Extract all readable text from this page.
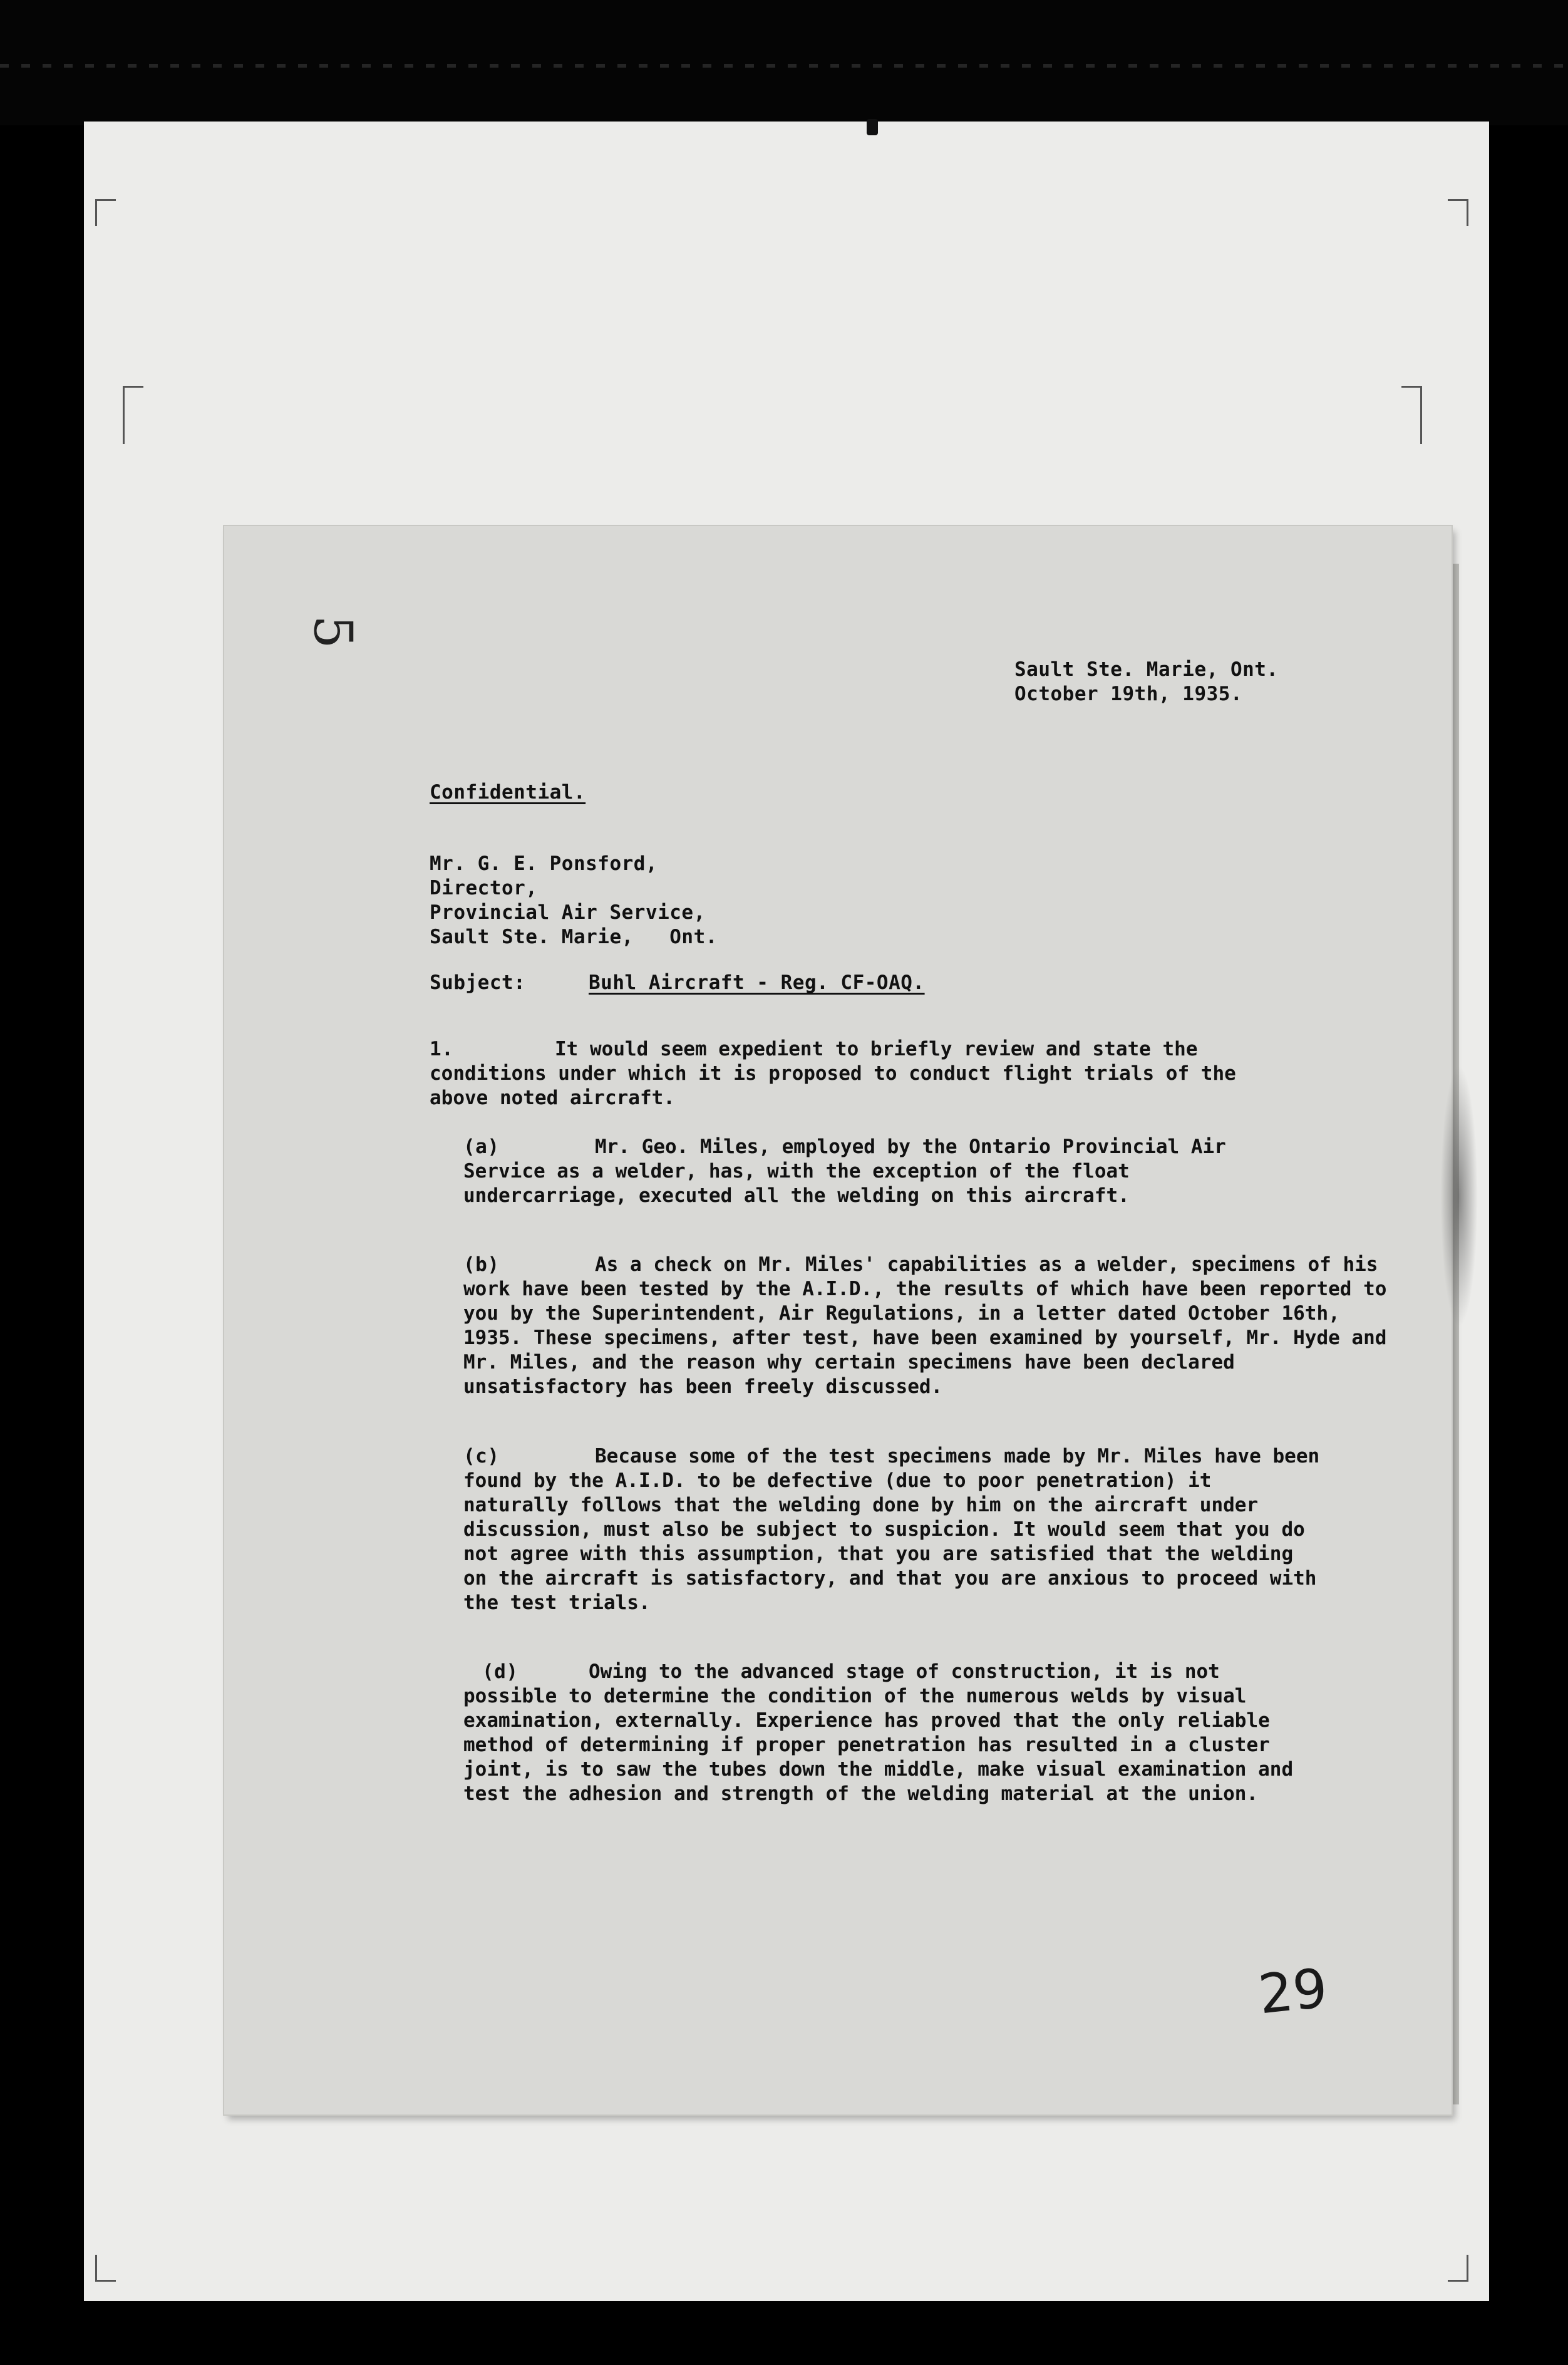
5
Sault Ste. Marie, Ont.
October 19th, 1935.
Confidential.
Mr. G. E. Ponsford,
Director,
Provincial Air Service,
Sault Ste. Marie,   Ont.
Subject:	Buhl Aircraft - Reg. CF-OAQ.
1.	It would seem expedient to briefly review and state the conditions under which it is proposed to conduct flight trials of the above noted aircraft.
(a)	Mr. Geo. Miles, employed by the Ontario Provincial Air Service as a welder, has, with the exception of the float undercarriage, executed all the welding on this aircraft.
(b)	As a check on Mr. Miles' capabilities as a welder, specimens of his work have been tested by the A.I.D., the results of which have been reported to you by the Superintendent, Air Regulations, in a letter dated October 16th, 1935. These specimens, after test, have been examined by yourself, Mr. Hyde and Mr. Miles, and the reason why certain specimens have been declared unsatisfactory has been freely discussed.
(c)	Because some of the test specimens made by Mr. Miles have been found by the A.I.D. to be defective (due to poor penetration) it naturally follows that the welding done by him on the aircraft under discussion, must also be subject to suspicion. It would seem that you do not agree with this assumption, that you are satisfied that the welding on the aircraft is satisfactory, and that you are anxious to proceed with the test trials.
(d)	Owing to the advanced stage of construction, it is not possible to determine the condition of the numerous welds by visual examination, externally. Experience has proved that the only reliable method of determining if proper penetration has resulted in a cluster joint, is to saw the tubes down the middle, make visual examination and test the adhesion and strength of the welding material at the union.
29
